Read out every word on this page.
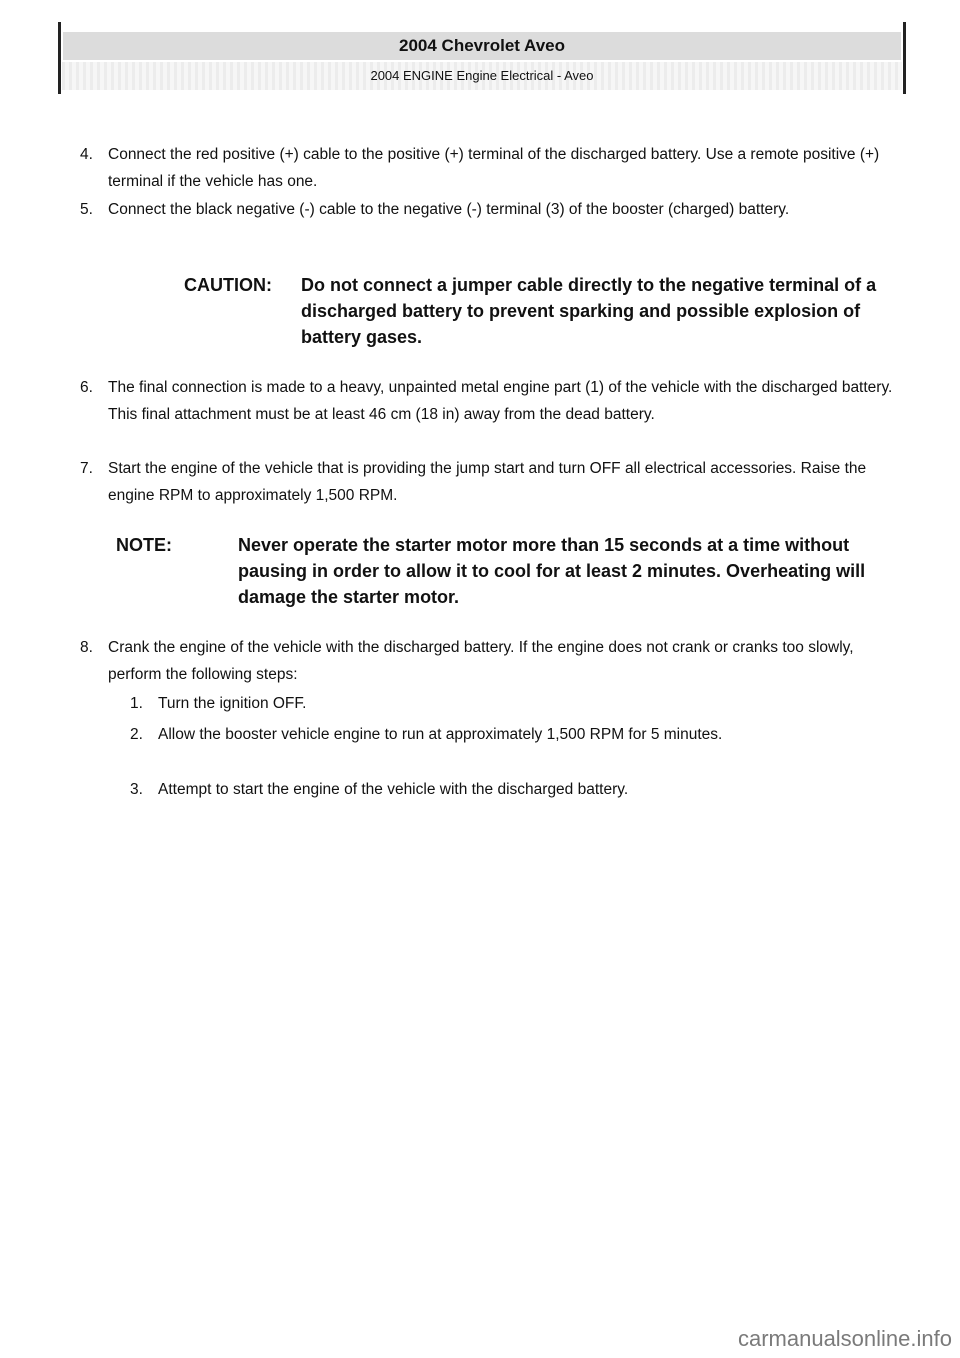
2004 Chevrolet Aveo
2004 ENGINE Engine Electrical - Aveo
4. Connect the red positive (+) cable to the positive (+) terminal of the discharged battery. Use a remote positive (+) terminal if the vehicle has one.
5. Connect the black negative (-) cable to the negative (-) terminal (3) of the booster (charged) battery.
CAUTION: Do not connect a jumper cable directly to the negative terminal of a discharged battery to prevent sparking and possible explosion of battery gases.
6. The final connection is made to a heavy, unpainted metal engine part (1) of the vehicle with the discharged battery. This final attachment must be at least 46 cm (18 in) away from the dead battery.
7. Start the engine of the vehicle that is providing the jump start and turn OFF all electrical accessories. Raise the engine RPM to approximately 1,500 RPM.
NOTE:	Never operate the starter motor more than 15 seconds at a time without pausing in order to allow it to cool for at least 2 minutes. Overheating will damage the starter motor.
8. Crank the engine of the vehicle with the discharged battery. If the engine does not crank or cranks too slowly, perform the following steps:
1. Turn the ignition OFF.
2. Allow the booster vehicle engine to run at approximately 1,500 RPM for 5 minutes.
3. Attempt to start the engine of the vehicle with the discharged battery.
carmanualsonline.info
